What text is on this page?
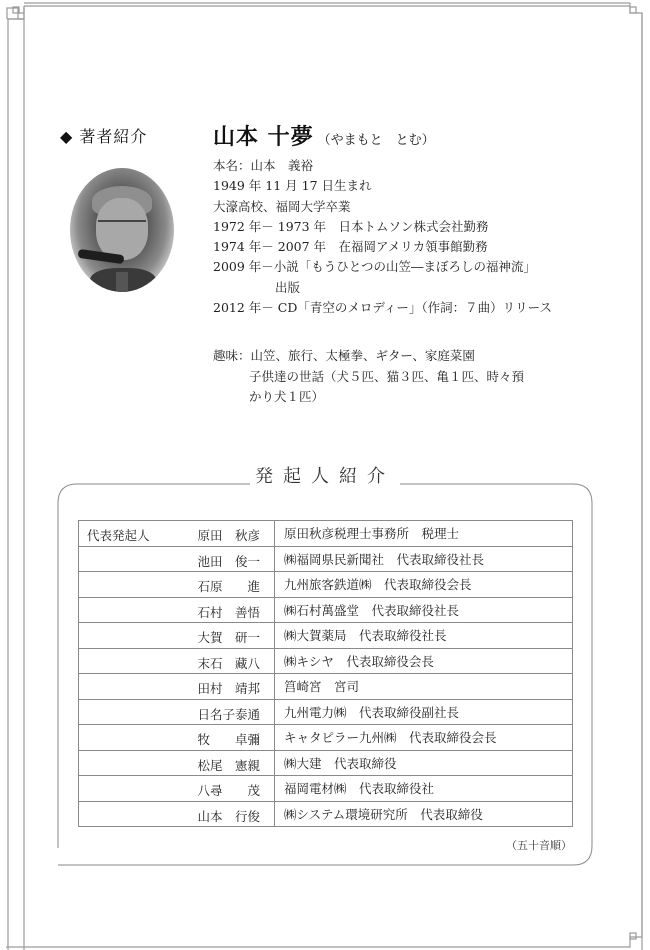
◆ 著者紹介	山本 十夢 （やまもと　とむ）
本名：山本　義裕
1949 年 11 月 17 日生まれ
大濠高校、福岡大学卒業
1972 年－ 1973 年　日本トムソン株式会社勤務
1974 年－ 2007 年　在福岡アメリカ領事館勤務
2009 年－小説「もうひとつの山笠―まぼろしの福神流」
出版
2012 年－ CD「青空のメロディー」（作詞：７曲）リリース
趣味：山笠、旅行、太極拳、ギター、家庭菜園
子供達の世話（犬５匹、猫３匹、亀１匹、時々預
かり犬１匹）
発起人紹介
代表発起人 原田　秋彦	原田秋彦税理士事務所　税理士

池田　俊一	㈱福岡県民新聞社　代表取締役社長

石原　　進	九州旅客鉄道㈱　代表取締役会長

石村　善悟	㈱石村萬盛堂　代表取締役社長

大賀　研一	㈱大賀薬局　代表取締役社長

末石　藏八	㈱キシヤ　代表取締役会長

田村　靖邦	筥崎宮　宮司

日名子泰通	九州電力㈱　代表取締役副社長

牧　　卓彌	キャタピラー九州㈱　代表取締役会長

松尾　憲親	㈱大建　代表取締役

八尋　　茂	福岡電材㈱　代表取締役社

山本　行俊	㈱システム環境研究所　代表取締役
（五十音順）
